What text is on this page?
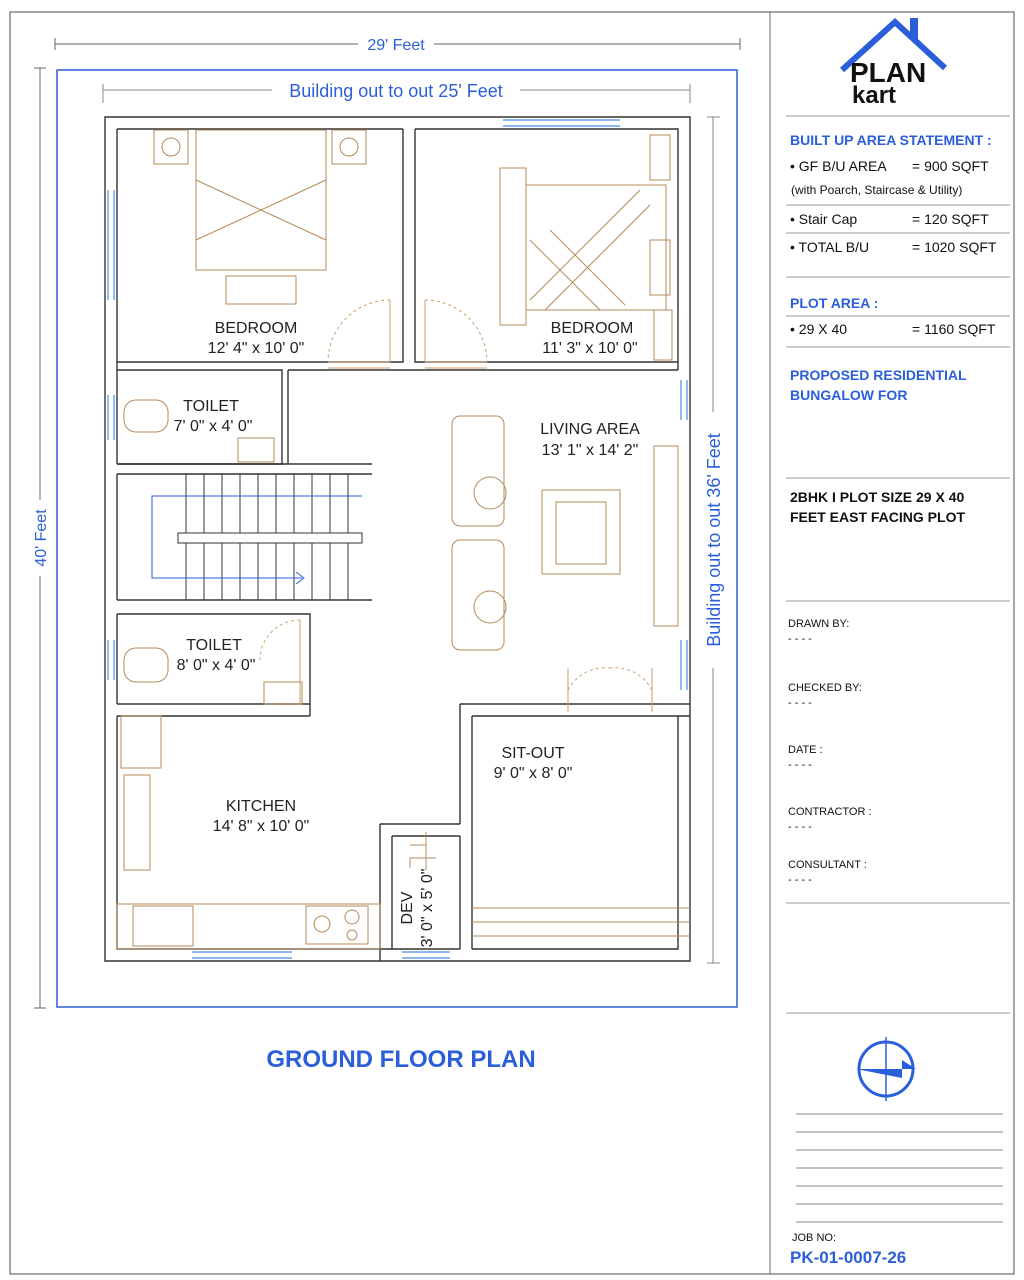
29' Feet
40' Feet
Building out to out 25' Feet
Building out to out 36' Feet
BEDROOM
12' 4" x 10' 0"
BEDROOM
11' 3" x 10' 0"
TOILET
7' 0" x 4' 0"	LIVING AREA
13' 1" x 14' 2"
TOILET
8' 0" x 4' 0"
SIT-OUT
9' 0" x 8' 0"
KITCHEN
14' 8" x 10' 0"
DEV 3' 0" x 5' 0"
GROUND FLOOR PLAN
PLAN
kart
BUILT UP AREA STATEMENT :
• GF B/U AREA = 900 SQFT
(with Poarch, Staircase & Utility)
• Stair Cap	= 120 SQFT
• TOTAL B/U	= 1020 SQFT
PLOT AREA :
• 29 X 40	= 1160 SQFT
PROPOSED RESIDENTIAL
BUNGALOW FOR
2BHK I PLOT SIZE 29 X 40
FEET EAST FACING PLOT
DRAWN BY:
- - - -
CHECKED BY:
- - - -
DATE :
- - - -
CONTRACTOR :
- - - -
CONSULTANT :
- - - -
JOB NO:
PK-01-0007-26
